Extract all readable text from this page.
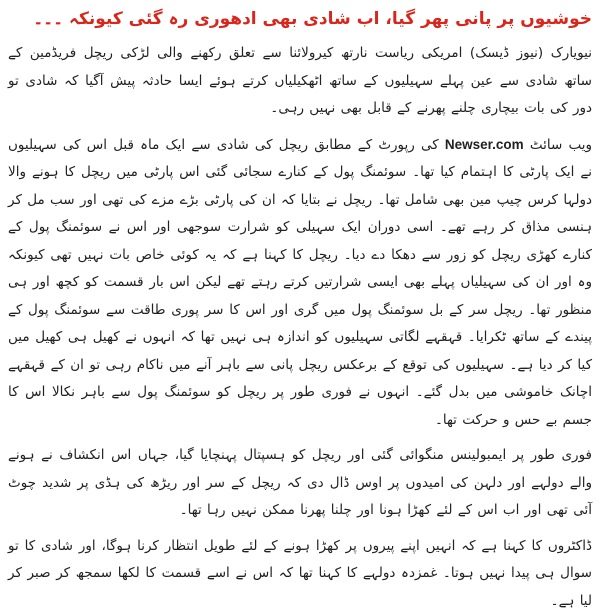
خوشیوں پر پانی پھر گیا، اب شادی بھی ادھوری رہ گئی کیونکہ ۔۔۔

نیویارک (نیوز ڈیسک) امریکی ریاست نارتھ کیرولائنا سے تعلق رکھنے والی لڑکی ریچل فریڈمین کے ساتھ شادی سے عین پہلے سہیلیوں کے ساتھ اٹھکیلیاں کرتے ہوئے ایسا حادثہ پیش آگیا کہ شادی تو دور کی بات بیچاری چلنے پھرنے کے قابل بھی نہیں رہی۔

ویب سائٹ Newser.com کی رپورٹ کے مطابق ریچل کی شادی سے ایک ماہ قبل اس کی سہیلیوں نے ایک پارٹی کا اہتمام کیا تھا۔ سوئمنگ پول کے کنارے سجائی گئی اس پارٹی میں ریچل کا ہونے والا دولہا کرس چیپ مین بھی شامل تھا۔ ریچل نے بتایا کہ ان کی پارٹی بڑے مزے کی تھی اور سب مل کر ہنسی مذاق کر رہے تھے۔ اسی دوران ایک سہیلی کو شرارت سوجھی اور اس نے سوئمنگ پول کے کنارے کھڑی ریچل کو زور سے دھکا دے دیا۔ ریچل کا کہنا ہے کہ یہ کوئی خاص بات نہیں تھی کیونکہ وہ اور ان کی سہیلیاں پہلے بھی ایسی شرارتیں کرتے رہتے تھے لیکن اس بار قسمت کو کچھ اور ہی منظور تھا۔ ریچل سر کے بل سوئمنگ پول میں گری اور اس کا سر پوری طاقت سے سوئمنگ پول کے پیندے کے ساتھ ٹکرایا۔ قہقہے لگاتی سہیلیوں کو اندازہ ہی نہیں تھا کہ انہوں نے کھیل ہی کھیل میں کیا کر دیا ہے۔ سہیلیوں کی توقع کے برعکس ریچل پانی سے باہر آنے میں ناکام رہی تو ان کے قہقہے اچانک خاموشی میں بدل گئے۔ انہوں نے فوری طور پر ریچل کو سوئمنگ پول سے باہر نکالا اس کا جسم بے حس و حرکت تھا۔

فوری طور پر ایمبولینس منگوائی گئی اور ریچل کو ہسپتال پہنچایا گیا، جہاں اس انکشاف نے ہونے والے دولہے اور دلہن کی امیدوں پر اوس ڈال دی کہ ریچل کے سر اور ریڑھ کی ہڈی پر شدید چوٹ آئی تھی اور اب اس کے لئے کھڑا ہونا اور چلنا پھرنا ممکن نہیں رہا تھا۔

ڈاکٹروں کا کہنا ہے کہ انہیں اپنے پیروں پر کھڑا ہونے کے لئے طویل انتظار کرنا ہوگا، اور شادی کا تو سوال ہی پیدا نہیں ہوتا۔ غمزدہ دولہے کا کہنا تھا کہ اس نے اسے قسمت کا لکھا سمجھ کر صبر کر لیا ہے۔
